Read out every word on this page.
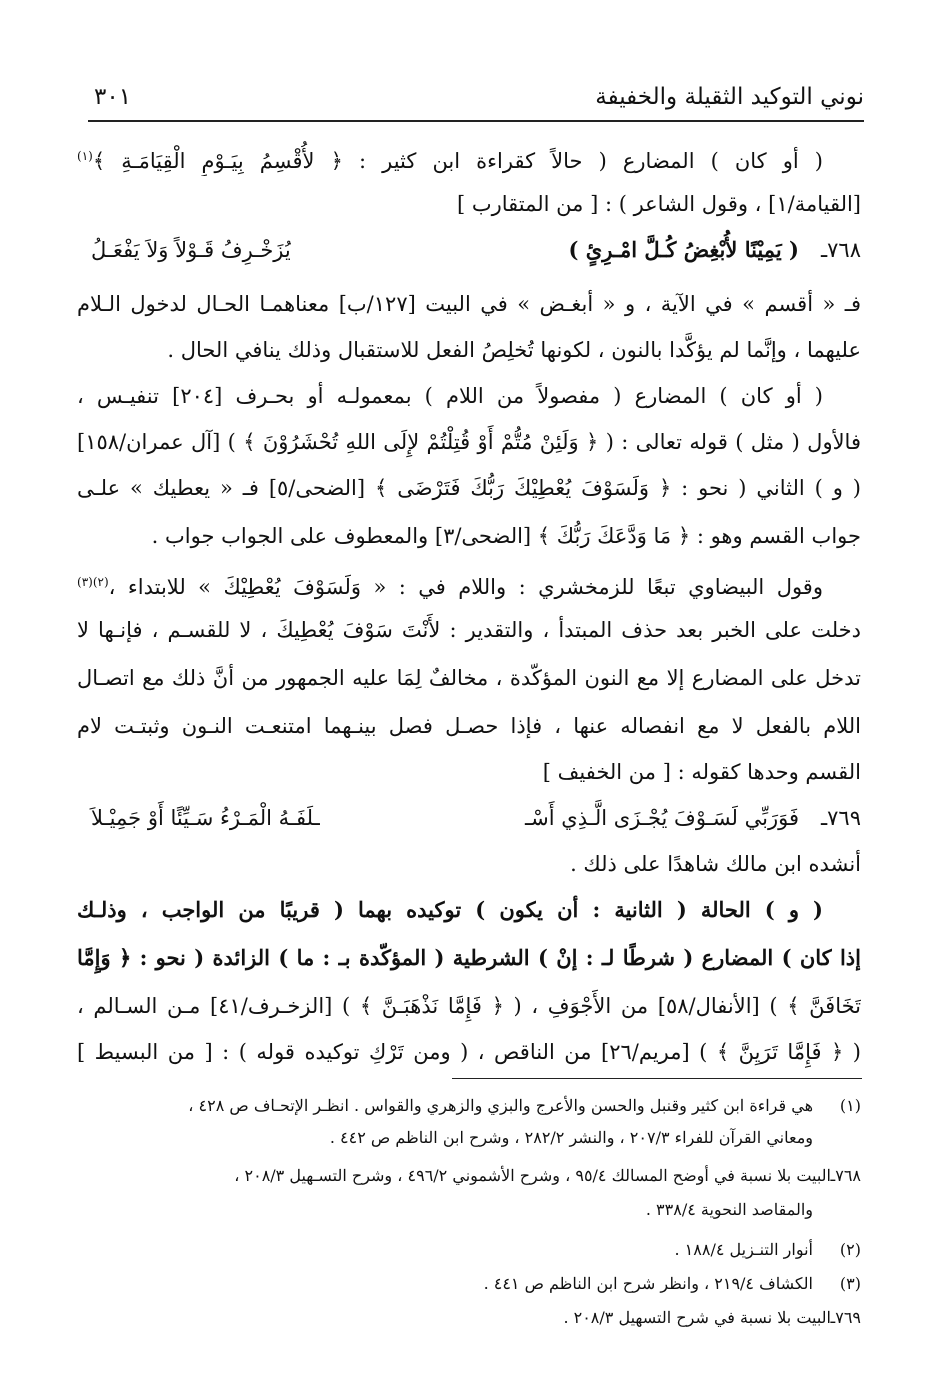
نوني التوكيد الثقيلة والخفيفة
٣٠١
( أو كان ) المضارع ( حالاً كقراءة ابن كثير : ﴿ لأُقْسِمُ بِيَـوْمِ الْقِيَامَـةِ ﴾$^{(١)}$
[القيامة/١] ، وقول الشاعر ) : [ من المتقارب ]
٧٦٨ـ
( يَمِيْنًا لأُبْغِضُ كُـلَّ امْـرِئٍ )
يُزَخْـرِفُ قَـوْلاً وَلاَ يَفْعَـلُ
فـ « أقسم » في الآية ، و « أبغـض » في البيت [١٢٧/ب] معناهمـا الحـال لدخول الـلام
عليهما ، وإنَّما لم يؤكَّدا بالنون ، لكونها تُخلِصُ الفعل للاستقبال وذلك ينافي الحال .
( أو كان ) المضارع ( مفصولاً من اللام ) بمعمولـه أو بحـرف [٢٠٤] تنفيـس ،
فالأول ( مثل ) قوله تعالى : ( ﴿ وَلَئِنْ مُتُّمْ أَوْ قُتِلْتُمْ لإِلَى اللهِ تُحْشَرُوْنَ ﴾ ) [آل عمران/١٥٨]
( و ) الثاني ( نحو : ﴿ وَلَسَوْفَ يُعْطِيْكَ رَبُّكَ فَتَرْضَى ﴾ [الضحى/٥] فـ « يعطيك » علـى
جواب القسم وهو : ﴿ مَا وَدَّعَكَ رَبُّكَ ﴾ [الضحى/٣] والمعطوف على الجواب جواب .
وقول البيضاوي تبعًا للزمخشري : واللام في : « وَلَسَوْفَ يُعْطِيْكَ » للابتداء ،$^{(٢)(٣)}$
دخلت على الخبر بعد حذف المبتدأ ، والتقدير : لأَنْتَ سَوْفَ يُعْطِيكَ ، لا للقسـم ، فإنـها لا
تدخل على المضارع إلا مع النون المؤكّدة ، مخالفٌ لِمَا عليه الجمهور من أنَّ ذلك مع اتصـال
اللام بالفعل لا مع انفصاله عنها ، فإذا حصـل فصل بينـهما امتنعـت النـون وثبتـت لام
القسم وحدها كقوله : [ من الخفيف ]
٧٦٩ـ
فَوَرَبِّي لَسَـوْفَ يُجْـزَى الَّـذِي أَسْـ
ـلَفَـهُ الْمَـرْءُ سَـيِّئًا أَوْ جَمِيْـلاَ
أنشده ابن مالك شاهدًا على ذلك .
( و ) الحالة ( الثانية : أن يكون ) توكيده بهما ( قريبًا من الواجب ، وذلـك
إذا كان ) المضارع ( شرطًا لـ : إنْ ) الشرطية ( المؤكّدة بـ : ما ) الزائدة ( نحو : ﴿ وَإِمَّا
تَخَافَنَّ ﴾ ) [الأنفال/٥٨] من الأَجْوَفِ ، ( ﴿ فَإِمَّا نَذْهَبَـنَّ ﴾ ) [الزخـرف/٤١] مـن السـالم ،
( ﴿ فَإِمَّا تَرَيِنَّ ﴾ ) [مريم/٢٦] من الناقص ، ( ومن تَرْكِ توكيده قوله ) : [ من البسيط ]
(١)
هي قراءة ابن كثير وقنبل والحسن والأعرج والبزي والزهري والقواس . انظـر الإتحـاف ص ٤٢٨ ،
ومعاني القرآن للفراء ٢٠٧/٣ ، والنشر ٢٨٢/٢ ، وشرح ابن الناظم ص ٤٤٢ .
٧٦٨ـ
البيت بلا نسبة في أوضح المسالك ٩٥/٤ ، وشرح الأشموني ٤٩٦/٢ ، وشرح التسـهيل ٢٠٨/٣ ،
والمقاصد النحوية ٣٣٨/٤ .
(٢)
أنوار التنـزيل ١٨٨/٤ .
(٣)
الكشاف ٢١٩/٤ ، وانظر شرح ابن الناظم ص ٤٤١ .
٧٦٩ـ
البيت بلا نسبة في شرح التسهيل ٢٠٨/٣ .
